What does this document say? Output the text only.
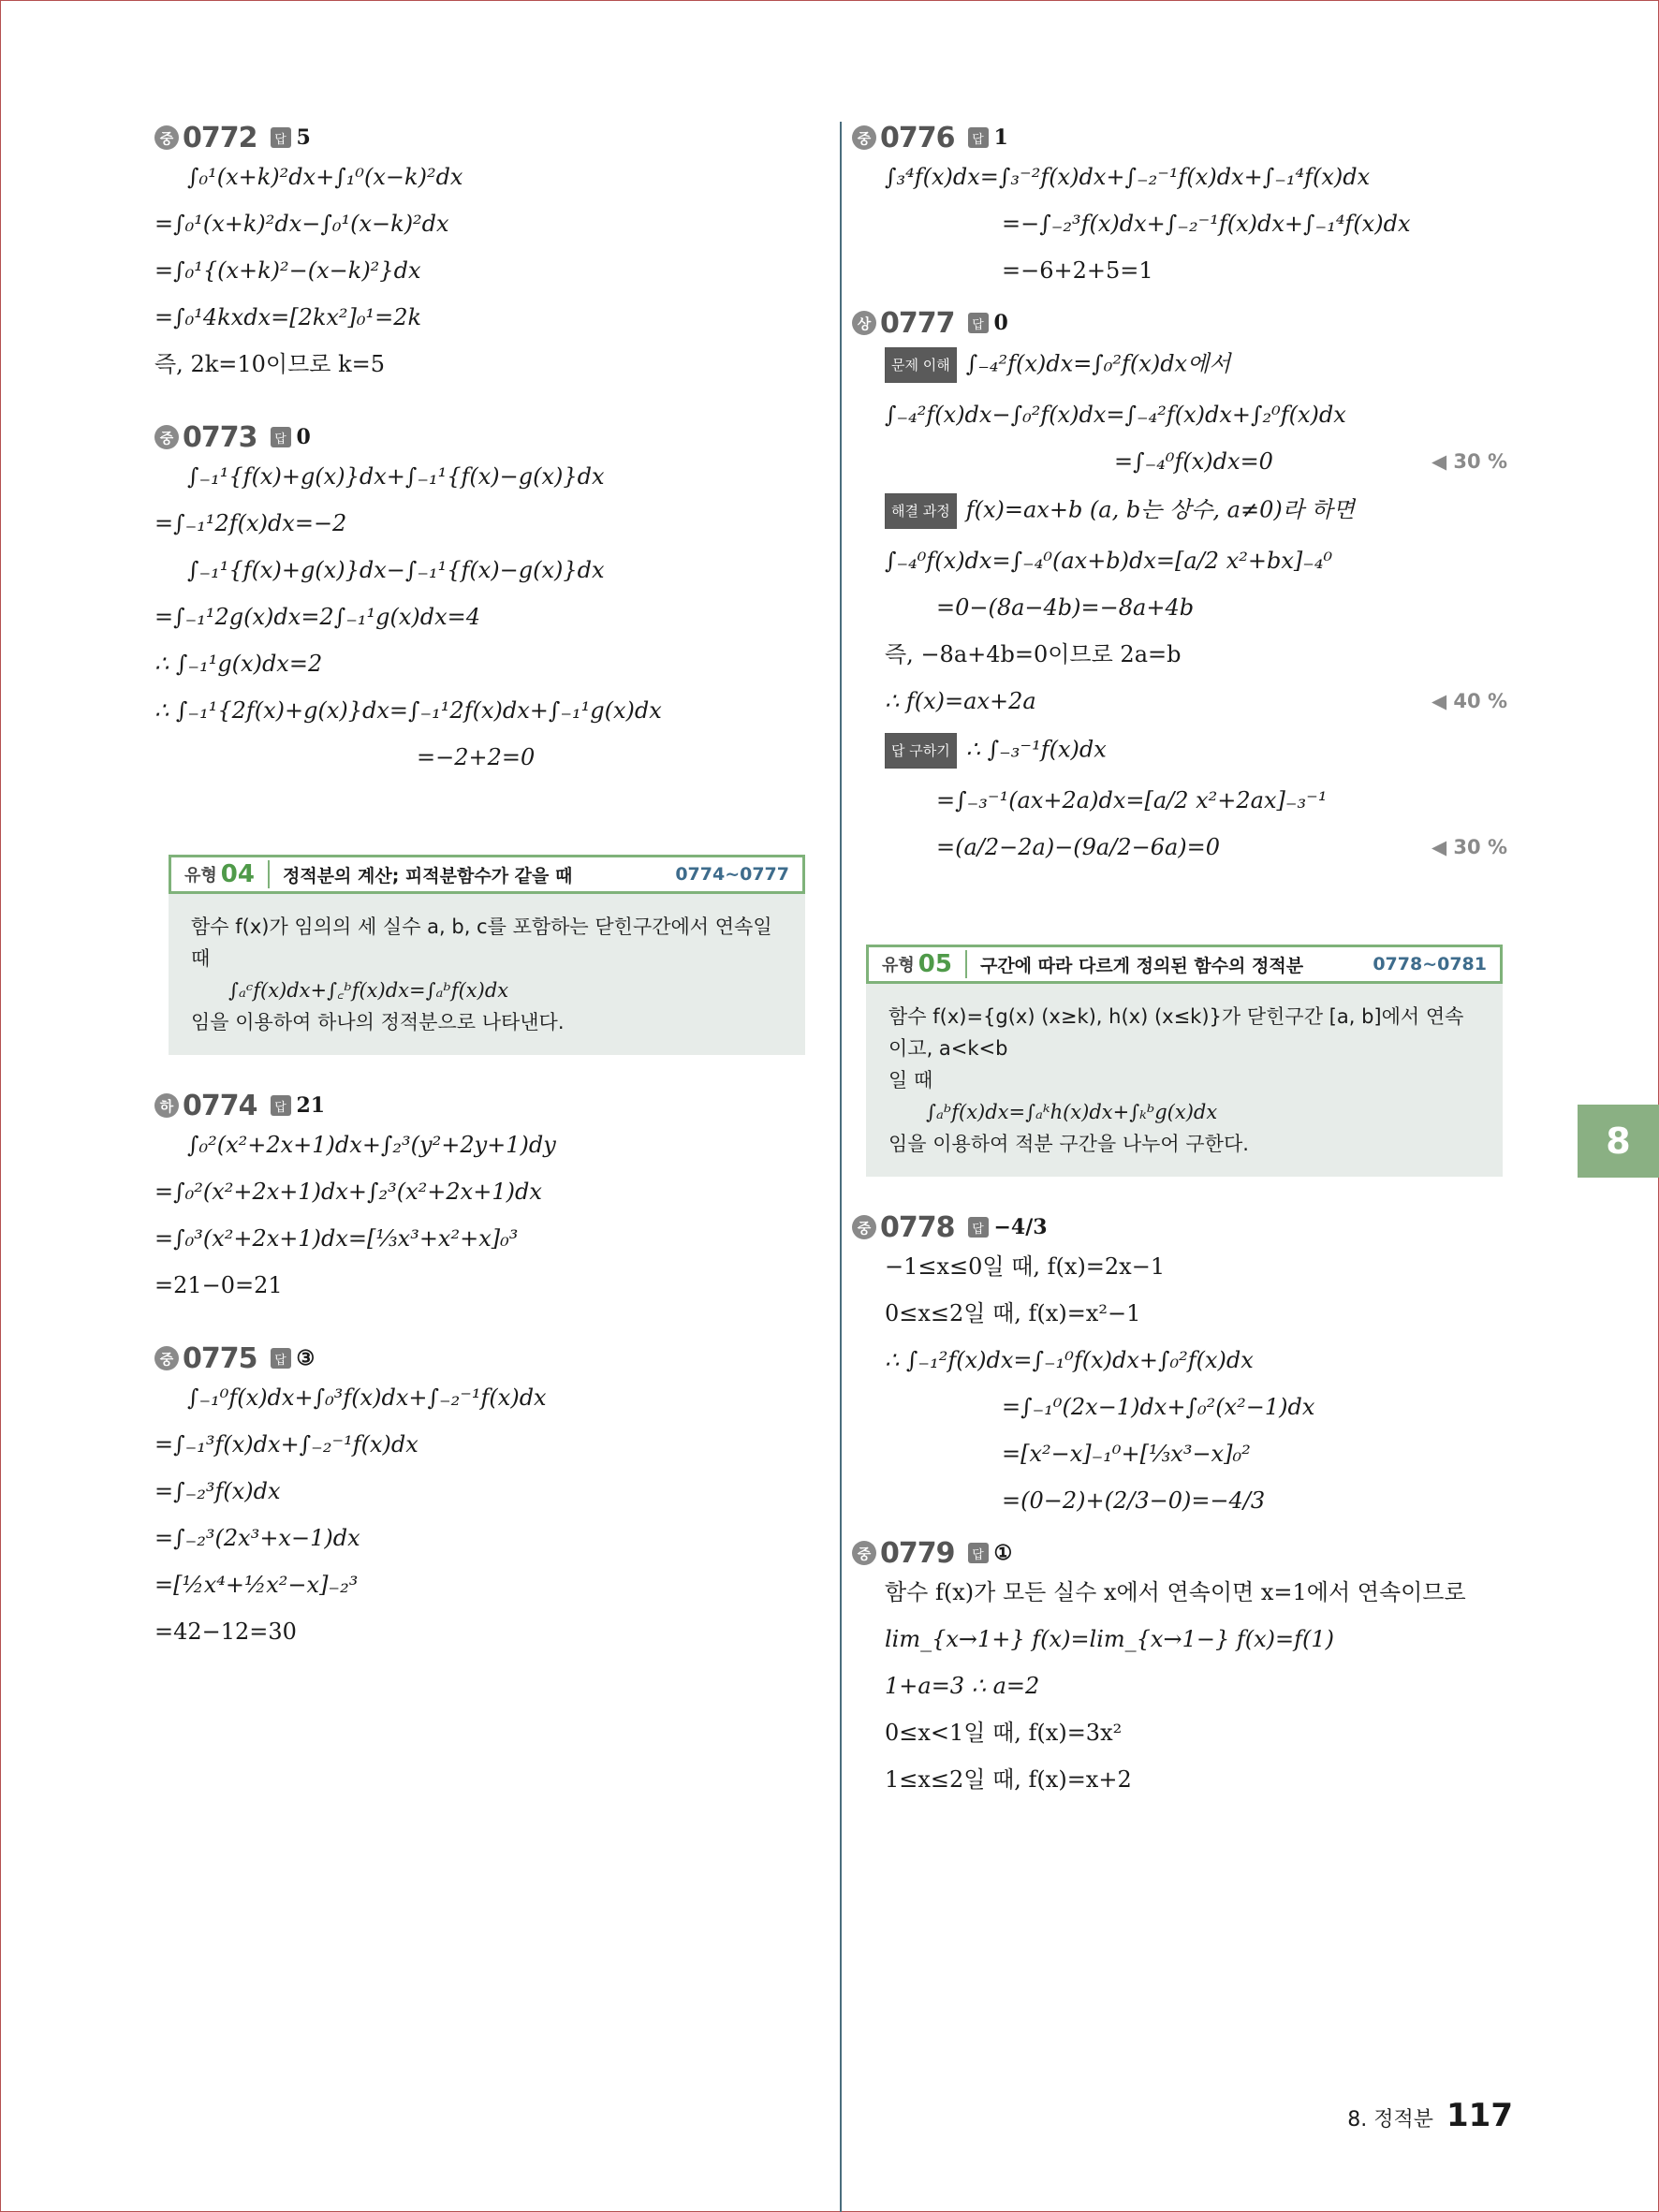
중 0772	답 5
∫₀¹(x+k)²dx+∫₁⁰(x−k)²dx
=∫₀¹(x+k)²dx−∫₀¹(x−k)²dx
=∫₀¹{(x+k)²−(x−k)²}dx
=∫₀¹4kxdx=[2kx²]₀¹=2k
즉, 2k=10이므로 k=5
중 0773	답 0
∫₋₁¹{f(x)+g(x)}dx+∫₋₁¹{f(x)−g(x)}dx
=∫₋₁¹2f(x)dx=−2
∫₋₁¹{f(x)+g(x)}dx−∫₋₁¹{f(x)−g(x)}dx
=∫₋₁¹2g(x)dx=2∫₋₁¹g(x)dx=4
∴ ∫₋₁¹g(x)dx=2
∴ ∫₋₁¹{2f(x)+g(x)}dx=∫₋₁¹2f(x)dx+∫₋₁¹g(x)dx
=−2+2=0
유형 04	정적분의 계산; 피적분함수가 같을 때	0774~0777
함수 f(x)가 임의의 세 실수 a, b, c를 포함하는 닫힌구간에서 연속일 때
∫ₐᶜf(x)dx+∫꜀ᵇf(x)dx=∫ₐᵇf(x)dx
임을 이용하여 하나의 정적분으로 나타낸다.
하 0774	답 21
∫₀²(x²+2x+1)dx+∫₂³(y²+2y+1)dy
=∫₀²(x²+2x+1)dx+∫₂³(x²+2x+1)dx
=∫₀³(x²+2x+1)dx=[⅓x³+x²+x]₀³
=21−0=21
중 0775	답 ③
∫₋₁⁰f(x)dx+∫₀³f(x)dx+∫₋₂⁻¹f(x)dx
=∫₋₁³f(x)dx+∫₋₂⁻¹f(x)dx
=∫₋₂³f(x)dx
=∫₋₂³(2x³+x−1)dx
=[½x⁴+½x²−x]₋₂³
=42−12=30
중 0776	답 1
∫₃⁴f(x)dx=∫₃⁻²f(x)dx+∫₋₂⁻¹f(x)dx+∫₋₁⁴f(x)dx
=−∫₋₂³f(x)dx+∫₋₂⁻¹f(x)dx+∫₋₁⁴f(x)dx
=−6+2+5=1
상 0777	답 0
문제 이해 ∫₋₄²f(x)dx=∫₀²f(x)dx에서
∫₋₄²f(x)dx−∫₀²f(x)dx=∫₋₄²f(x)dx+∫₂⁰f(x)dx
=∫₋₄⁰f(x)dx=0	◀ 30 %
해결 과정 f(x)=ax+b (a, b는 상수, a≠0)라 하면
∫₋₄⁰f(x)dx=∫₋₄⁰(ax+b)dx=[a/2 x²+bx]₋₄⁰
=0−(8a−4b)=−8a+4b
즉, −8a+4b=0이므로 2a=b
∴ f(x)=ax+2a	◀ 40 %
답 구하기 ∴ ∫₋₃⁻¹f(x)dx
=∫₋₃⁻¹(ax+2a)dx=[a/2 x²+2ax]₋₃⁻¹
=(a/2−2a)−(9a/2−6a)=0	◀ 30 %
유형 05	구간에 따라 다르게 정의된 함수의 정적분	0778~0781
함수 f(x)={g(x) (x≥k), h(x) (x≤k)}가 닫힌구간 [a, b]에서 연속이고, a<k<b
일 때
∫ₐᵇf(x)dx=∫ₐᵏh(x)dx+∫ₖᵇg(x)dx
임을 이용하여 적분 구간을 나누어 구한다.
중 0778	답 −4/3
−1≤x≤0일 때, f(x)=2x−1
0≤x≤2일 때, f(x)=x²−1
∴ ∫₋₁²f(x)dx=∫₋₁⁰f(x)dx+∫₀²f(x)dx
=∫₋₁⁰(2x−1)dx+∫₀²(x²−1)dx
=[x²−x]₋₁⁰+[⅓x³−x]₀²
=(0−2)+(2/3−0)=−4/3
중 0779	답 ①
함수 f(x)가 모든 실수 x에서 연속이면 x=1에서 연속이므로
lim_{x→1+} f(x)=lim_{x→1−} f(x)=f(1)
1+a=3 ∴ a=2
0≤x<1일 때, f(x)=3x²
1≤x≤2일 때, f(x)=x+2
8
8. 정적분 117
